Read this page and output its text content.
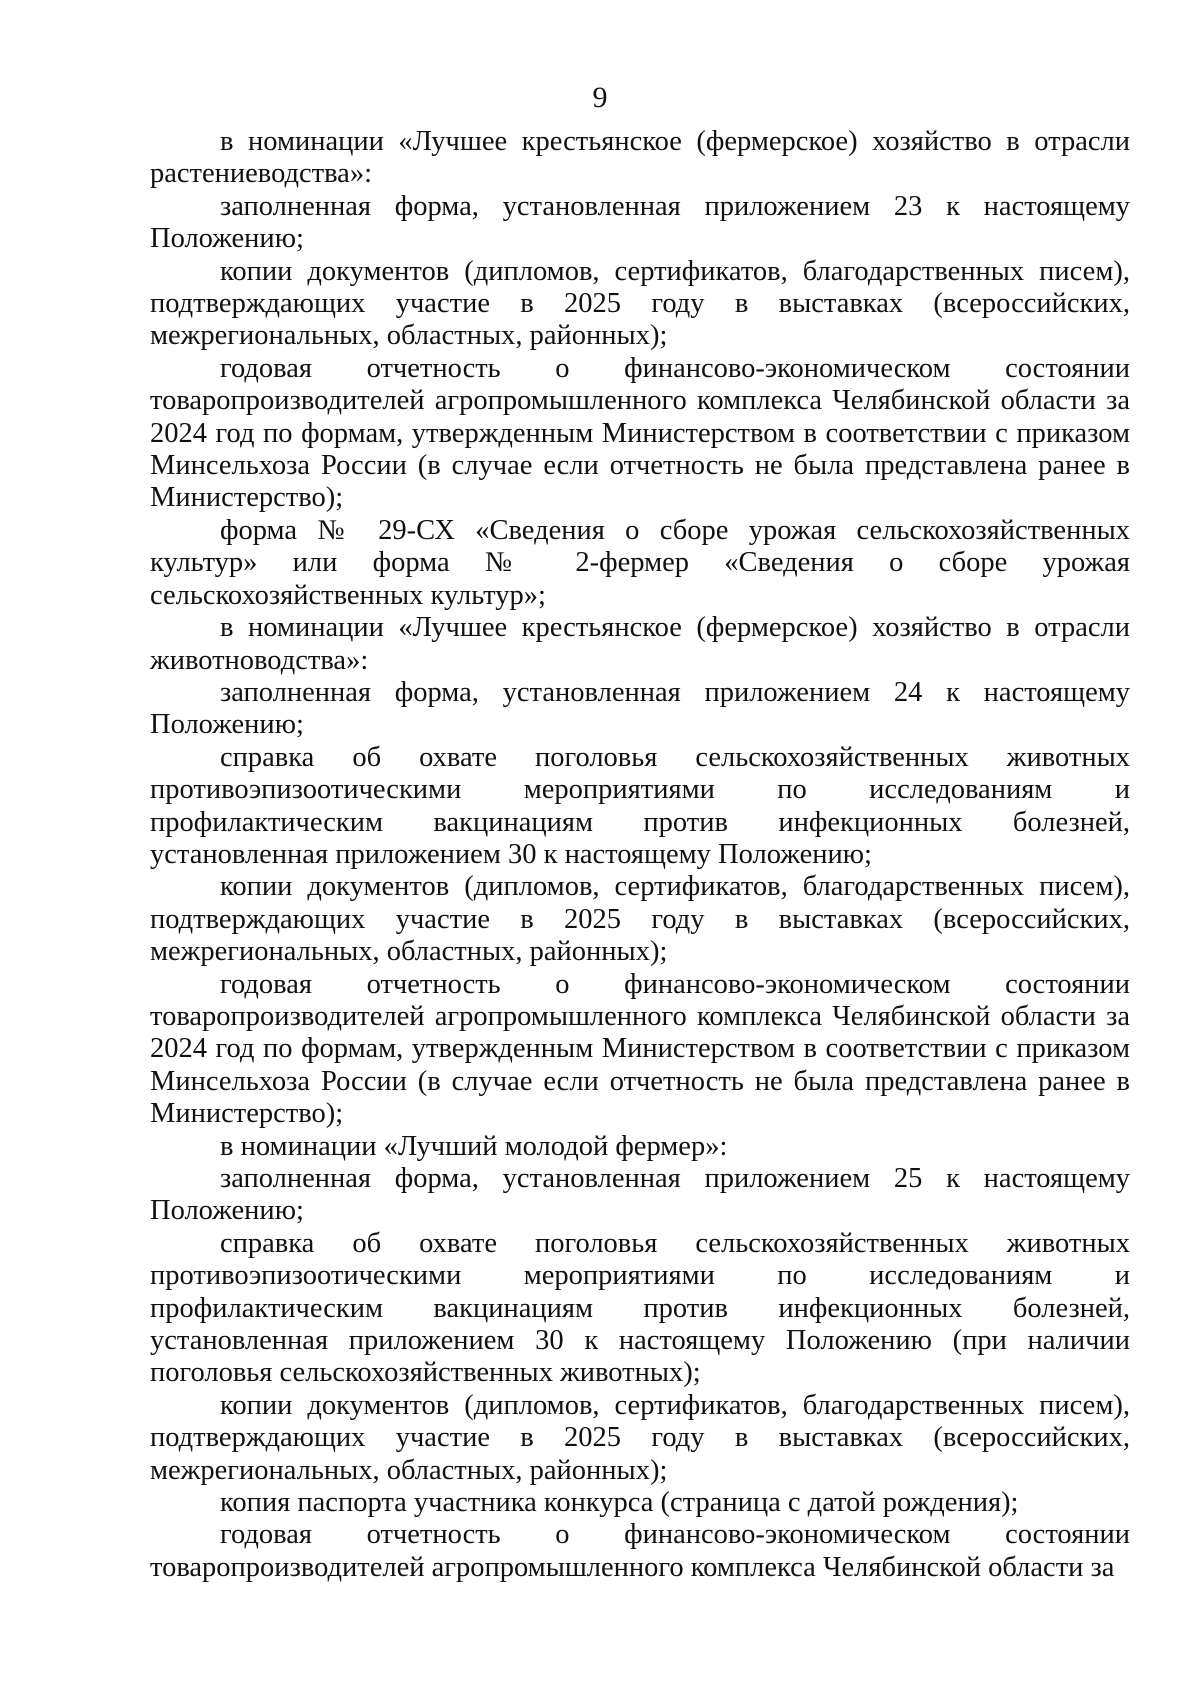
9

в номинации «Лучшее крестьянское (фермерское) хозяйство в отрасли растениеводства»:

заполненная форма, установленная приложением 23 к настоящему Положению;

копии документов (дипломов, сертификатов, благодарственных писем), подтверждающих участие в 2025 году в выставках (всероссийских, межрегиональных, областных, районных);

годовая отчетность о финансово-экономическом состоянии товаропроизводителей агропромышленного комплекса Челябинской области за 2024 год по формам, утвержденным Министерством в соответствии с приказом Минсельхоза России (в случае если отчетность не была представлена ранее в Министерство);

форма № 29-СХ «Сведения о сборе урожая сельскохозяйственных культур» или форма № 2-фермер «Сведения о сборе урожая сельскохозяйственных культур»;

в номинации «Лучшее крестьянское (фермерское) хозяйство в отрасли животноводства»:

заполненная форма, установленная приложением 24 к настоящему Положению;

справка об охвате поголовья сельскохозяйственных животных противоэпизоотическими мероприятиями по исследованиям и профилактическим вакцинациям против инфекционных болезней, установленная приложением 30 к настоящему Положению;

копии документов (дипломов, сертификатов, благодарственных писем), подтверждающих участие в 2025 году в выставках (всероссийских, межрегиональных, областных, районных);

годовая отчетность о финансово-экономическом состоянии товаропроизводителей агропромышленного комплекса Челябинской области за 2024 год по формам, утвержденным Министерством в соответствии с приказом Минсельхоза России (в случае если отчетность не была представлена ранее в Министерство);

в номинации «Лучший молодой фермер»:

заполненная форма, установленная приложением 25 к настоящему Положению;

справка об охвате поголовья сельскохозяйственных животных противоэпизоотическими мероприятиями по исследованиям и профилактическим вакцинациям против инфекционных болезней, установленная приложением 30 к настоящему Положению (при наличии поголовья сельскохозяйственных животных);

копии документов (дипломов, сертификатов, благодарственных писем), подтверждающих участие в 2025 году в выставках (всероссийских, межрегиональных, областных, районных);

копия паспорта участника конкурса (страница с датой рождения);

годовая отчетность о финансово-экономическом состоянии товаропроизводителей агропромышленного комплекса Челябинской области за
